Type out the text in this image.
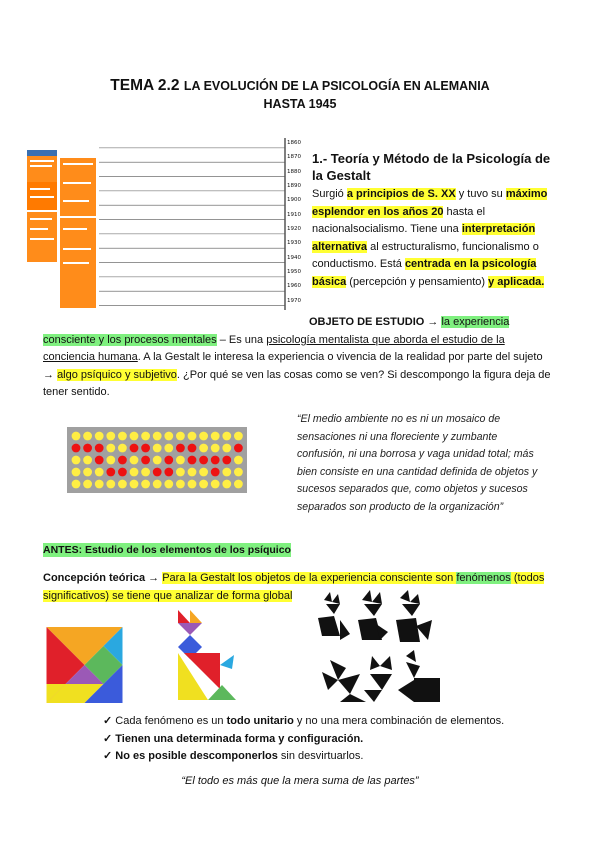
TEMA 2.2 LA EVOLUCIÓN DE LA PSICOLOGÍA EN ALEMANIA
HASTA 1945
1860
1870
1880
1890
1900
1910
1920
1930
1940
1950
1960
1970
1.- Teoría y Método de la Psicología de la Gestalt

Surgió a principios de S. XX y tuvo su máximo esplendor en los años 20 hasta el nacionalsocialismo. Tiene una interpretación alternativa al estructuralismo, funcionalismo o conductismo. Está centrada en la psicología básica (percepción y pensamiento) y aplicada.

OBJETO DE ESTUDIO → la experiencia consciente y los procesos mentales – Es una psicología mentalista que aborda el estudio de la conciencia humana. A la Gestalt le interesa la experiencia o vivencia de la realidad por parte del sujeto → algo psíquico y subjetivo. ¿Por qué se ven las cosas como se ven? Si descompongo la figura deja de tener sentido.

“El medio ambiente no es ni un mosaico de sensaciones ni una floreciente y zumbante confusión, ni una borrosa y vaga unidad total; más bien consiste en una cantidad definida de objetos y sucesos separados que, como objetos y sucesos separados son producto de la organización”

ANTES: Estudio de los elementos de los psíquico

Concepción teórica → Para la Gestalt los objetos de la experiencia consciente son fenómenos (todos significativos) se tiene que analizar de forma global

✓ Cada fenómeno es un todo unitario y no una mera combinación de elementos.
✓ Tienen una determinada forma y configuración.
✓ No es posible descomponerlos sin desvirtuarlos.
“El todo es más que la mera suma de las partes”
